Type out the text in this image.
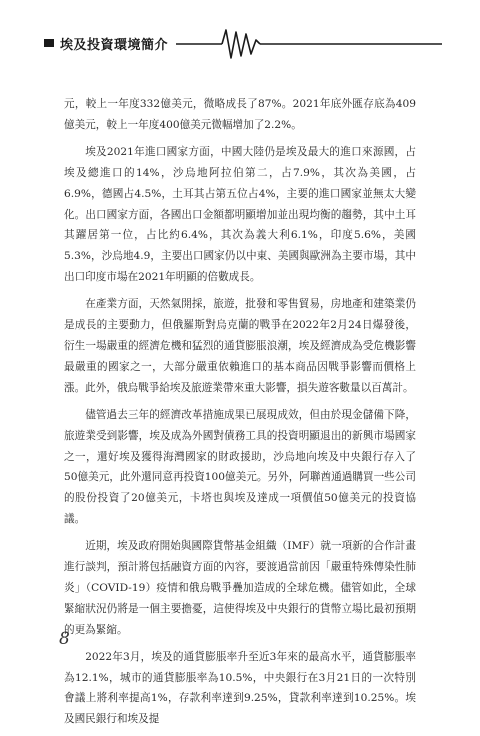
埃及投資環境簡介

元，較上一年度332億美元，微略成長了87%。2021年底外匯存底為409億美元，較上一年度400億美元微幅增加了2.2%。

埃及2021年進口國家方面，中國大陸仍是埃及最大的進口來源國，占埃及總進口的14%，沙烏地阿拉伯第二，占7.9%，其次為美國，占6.9%，德國占4.5%，土耳其占第五位占4%，主要的進口國家並無太大變化。出口國家方面，各國出口金額都明顯增加並出現均衡的趨勢，其中土耳其躍居第一位，占比約6.4%，其次為義大利6.1%，印度5.6%，美國5.3%，沙烏地4.9，主要出口國家仍以中東、美國與歐洲為主要市場，其中出口印度市場在2021年明顯的倍數成長。

在產業方面，天然氣開採，旅遊，批發和零售貿易，房地產和建築業仍是成長的主要動力，但俄羅斯對烏克蘭的戰爭在2022年2月24日爆發後，衍生一場嚴重的經濟危機和猛烈的通貨膨脹浪潮，埃及經濟成為受危機影響最嚴重的國家之一，大部分嚴重依賴進口的基本商品因戰爭影響而價格上漲。此外，俄烏戰爭給埃及旅遊業帶來重大影響，損失遊客數量以百萬計。

儘管過去三年的經濟改革措施成果已展現成效，但由於現金儲備下降，旅遊業受到影響，埃及成為外國對債務工具的投資明顯退出的新興市場國家之一，還好埃及獲得海灣國家的財政援助，沙烏地向埃及中央銀行存入了50億美元，此外還同意再投資100億美元。另外，阿聯酋通過購買一些公司的股份投資了20億美元，卡塔也與埃及達成一項價值50億美元的投資協議。

近期，埃及政府開始與國際貨幣基金組織（IMF）就一項新的合作計畫進行談判，預計將包括融資方面的內容，要渡過當前因「嚴重特殊傳染性肺炎」（COVID-19）疫情和俄烏戰爭疊加造成的全球危機。儘管如此，全球緊縮狀況仍將是一個主要擔憂，這使得埃及中央銀行的貨幣立場比最初預期的更為緊縮。

2022年3月，埃及的通貨膨脹率升至近3年來的最高水平，通貨膨脹率為12.1%，城市的通貨膨脹率為10.5%，中央銀行在3月21日的一次特別會議上將利率提高1%，存款利率達到9.25%，貸款利率達到10.25%。埃及國民銀行和埃及提

8
